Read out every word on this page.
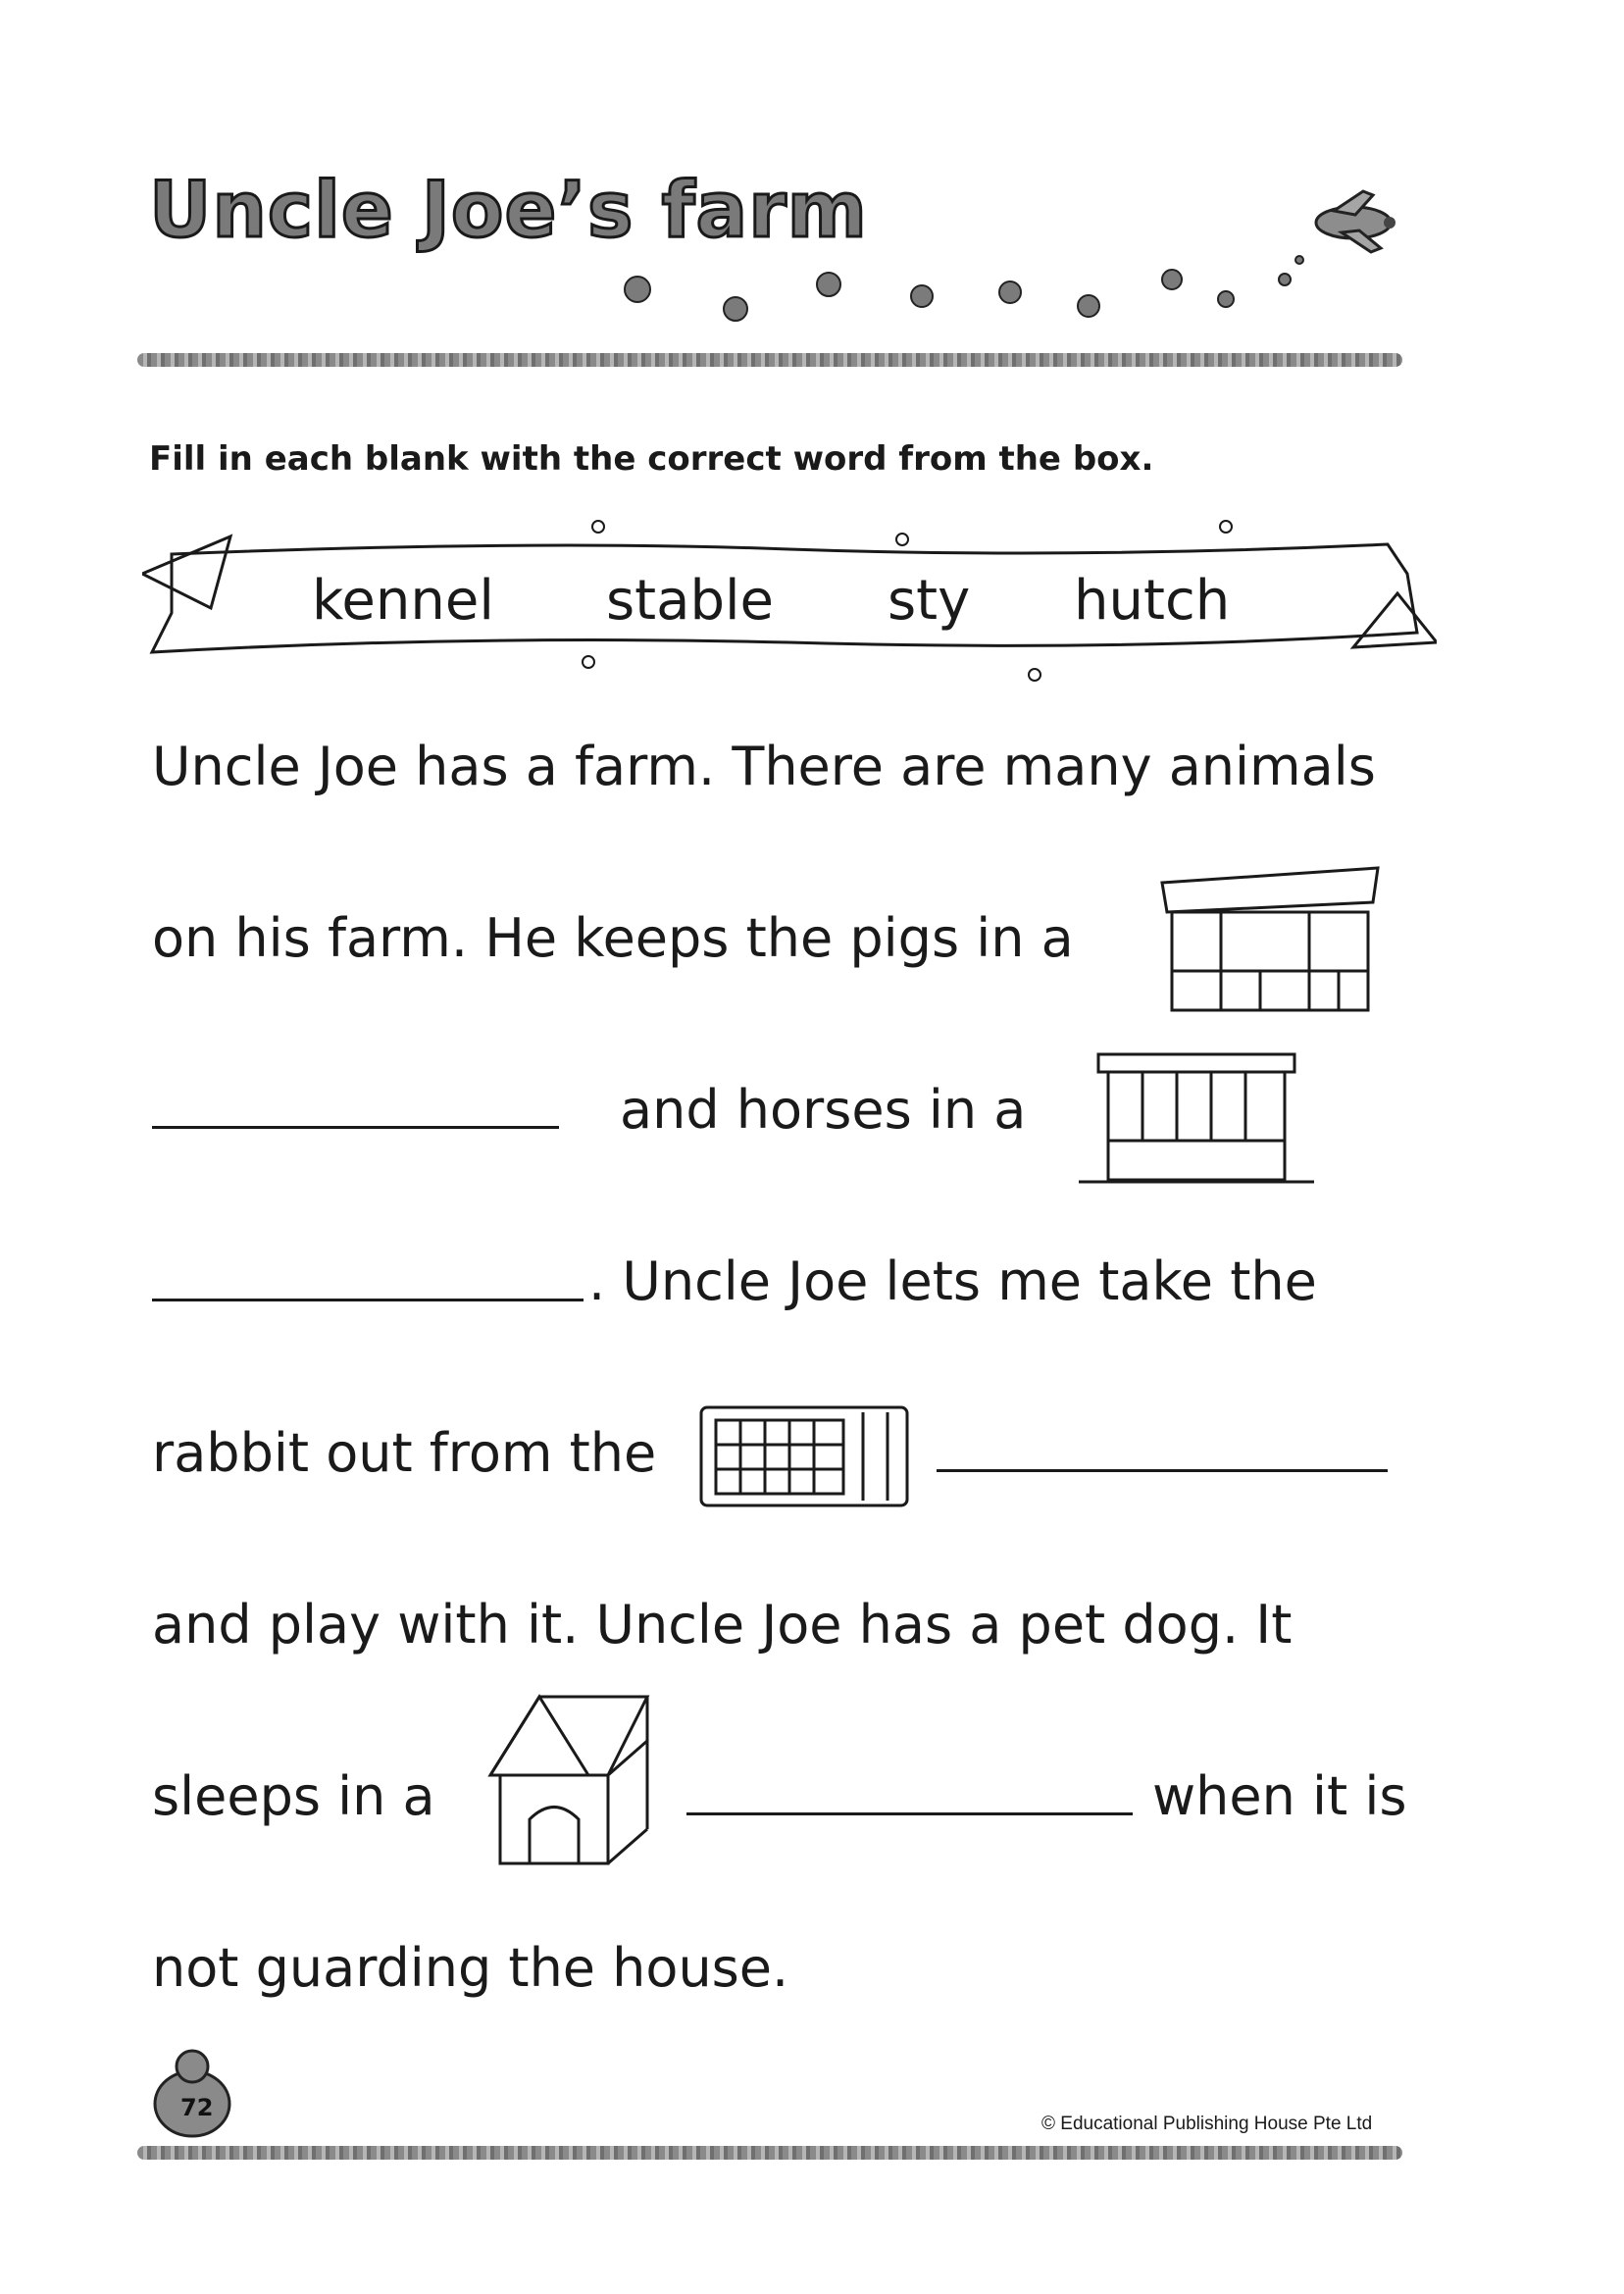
Uncle Joe’s farm
Fill in each blank with the correct word from the box.
kennel stable sty hutch
Uncle Joe has a farm. There are many animals
on his farm. He keeps the pigs in a
and horses in a
. Uncle Joe lets me take the
rabbit out from the
and play with it. Uncle Joe has a pet dog. It
sleeps in a	when it is
not guarding the house.
72
© Educational Publishing House Pte Ltd
